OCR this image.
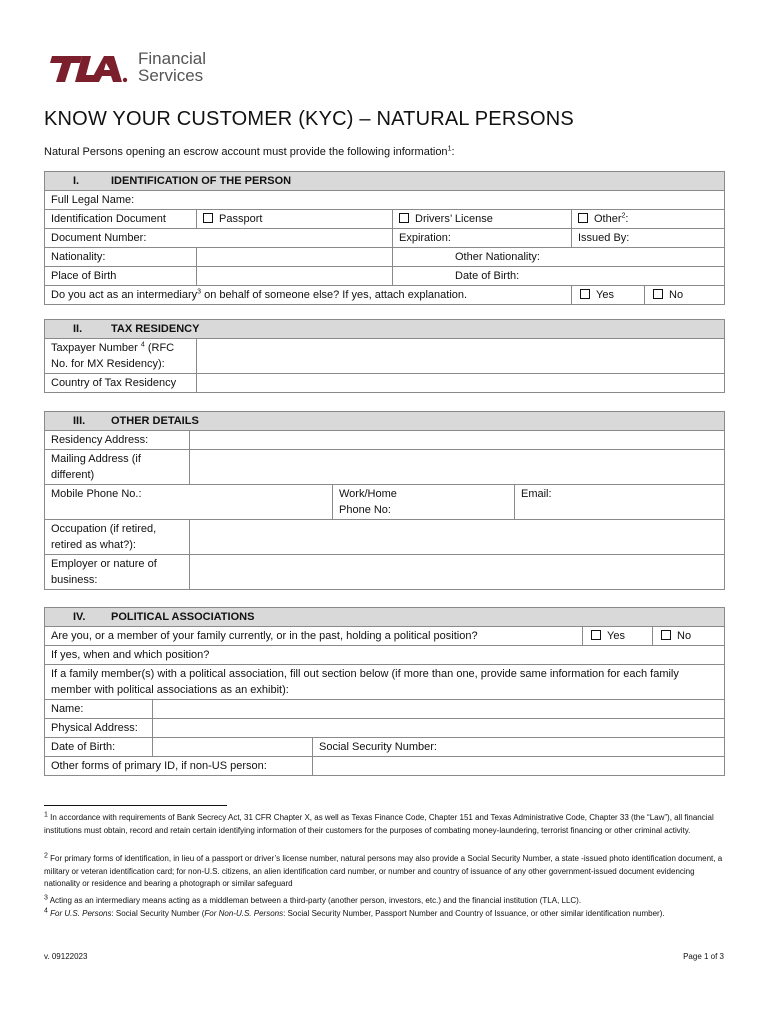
Financial
Services
KNOW YOUR CUSTOMER (KYC) – NATURAL PERSONS
Natural Persons opening an escrow account must provide the following information$^1$:
I. IDENTIFICATION OF THE PERSON				
Full Legal Name:				
Identification Document	Passport	Drivers’ License	Other$^2$:	
Document Number:		Expiration:	Issued By:	
Nationality:		Other Nationality:		
Place of Birth		Date of Birth:		
Do you act as an intermediary$^3$ on behalf of someone else? If yes, attach explanation.			Yes	No
II. TAX RESIDENCY	
Taxpayer Number $^4$ (RFC No. for MX Residency):	
Country of Tax Residency	
III. OTHER DETAILS			
Residency Address:			
Mailing Address (if different)			
Mobile Phone No.:		Work/Home Phone No:	Email:
Occupation (if retired, retired as what?):			
Employer or nature of business:			
IV. POLITICAL ASSOCIATIONS				
Are you, or a member of your family currently, or in the past, holding a political position?			Yes	No
If yes, when and which position?				
If a family member(s) with a political association, fill out section below (if more than one, provide same information for each family member with political associations as an exhibit):				
Name:				
Physical Address:				
Date of Birth:		Social Security Number:		
Other forms of primary ID, if non-US person:				
$^1$ In accordance with requirements of Bank Secrecy Act, 31 CFR Chapter X, as well as Texas Finance Code, Chapter 151 and Texas Administrative Code, Chapter 33 (the “Law”), all financial institutions must obtain, record and retain certain identifying information of their customers for the purposes of combating money-laundering, terrorist financing or other criminal activity.
$^2$ For primary forms of identification, in lieu of a passport or driver’s license number, natural persons may also provide a Social Security Number, a state -issued photo identification document, a military or veteran identification card; for non-U.S. citizens, an alien identification card number, or number and country of issuance of any other government-issued document evidencing nationality or residence and bearing a photograph or similar safeguard
$^3$ Acting as an intermediary means acting as a middleman between a third-party (another person, investors, etc.) and the financial institution (TLA, LLC).
$^4$ For U.S. Persons: Social Security Number (For Non-U.S. Persons: Social Security Number, Passport Number and Country of Issuance, or other similar identification number).
v. 09122023	Page 1 of 3
